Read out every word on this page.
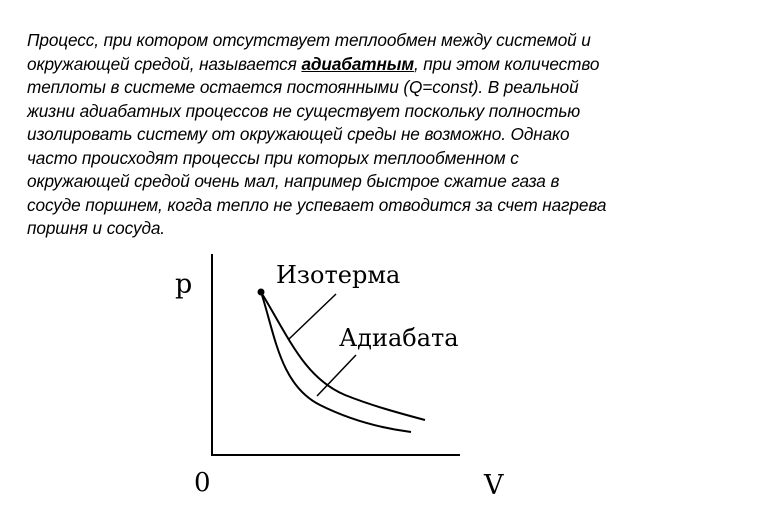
Процесс, при котором отсутствует теплообмен между системой и
окружающей средой, называется адиабатным, при этом количество
теплоты в системе остается постоянными (Q=const). В реальной
жизни адиабатных процессов не существует поскольку полностью
изолировать систему от окружающей среды не возможно. Однако
часто происходят процессы при которых теплообменном с
окружающей средой очень мал, например быстрое сжатие газа в
сосуде поршнем, когда тепло не успевает отводится за счет нагрева
поршня и сосуда.
p
V
0
Изотерма
Адиабата
